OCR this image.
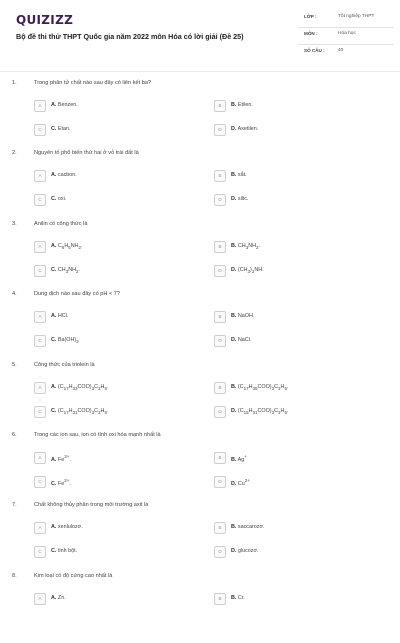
QUIZIZZ
Bộ đề thi thử THPT Quốc gia năm 2022 môn Hóa có lời giải (Đề 25)
LỚP :	Tốt nghiệp THPT
MÔN :	Hóa học
SỐ CÂU :	40
1.	Trong phân tử chất nào sau đây có liên kết ba?
A	A. Benzen.	B	B. Etilen.
C	C. Etan.	D	D. Axetilen.
2.	Nguyên tố phổ biến thứ hai ở vỏ trái đất là
A	A. cacbon.	B	B. sắt.
C	C. oxi.	D	D. silic.
3.	Anilin có công thức là
A	A. $C_6H_5NH_2$.	B	B. $CH_3NH_2$.
C	C. $CH_3NH_2$.	D	D. $(CH_3)_2NH$.
4.	Dung dịch nào sau đây có pH < 7?
A	A. HCl.	B	B. NaOH.
C	C. $Ba(OH)_2$	D	D. NaCl.
5.	Công thức của triolein là
A	A. $(C_{17}H_{33}COO)_3C_3H_5$.	B	B. $(C_{17}H_{35}COO)_3C_3H_5$.
C	C. $(C_{17}H_{31}COO)_3C_3H_5$.	D	D. $(C_{15}H_{31}COO)_3C_3H_5$.
6.	Trong các ion sau, ion có tính oxi hóa mạnh nhất là
A	A. $Fe^{3+}$.	B	B. Ag+
C	C. $Fe^{2+}$.	D	D. $Cu^{2+}$
7.	Chất không thủy phân trong môi trường axit là
A	A. xenlulozơ.	B	B. saccarozơ.
C	C. tinh bột.	D	D. glucozơ.
8.	Kim loại có độ cứng cao nhất là
A	A. Zn.	B	B. Cr.
